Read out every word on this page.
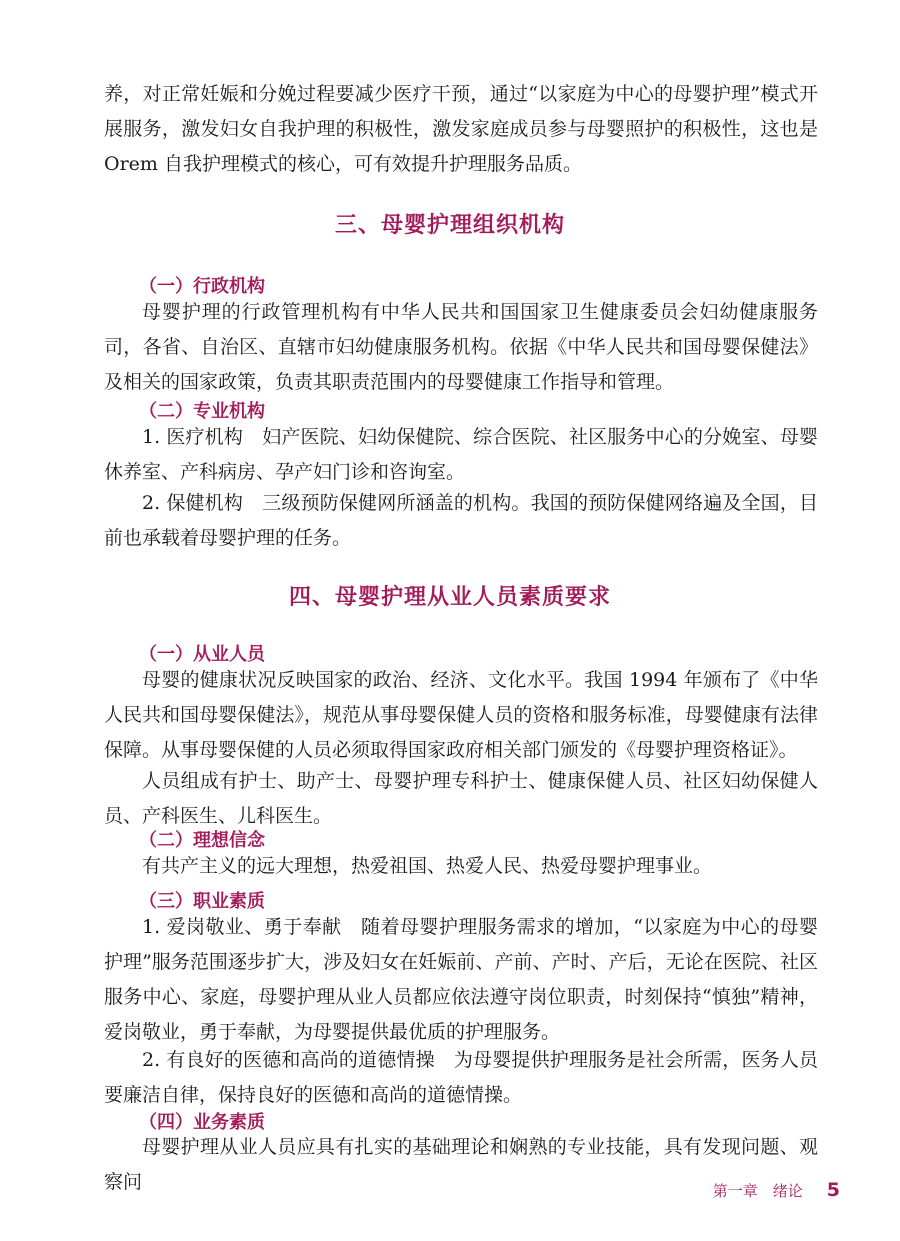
养，对正常妊娠和分娩过程要减少医疗干预，通过“以家庭为中心的母婴护理”模式开展服务，激发妇女自我护理的积极性，激发家庭成员参与母婴照护的积极性，这也是 Orem 自我护理模式的核心，可有效提升护理服务品质。

三、母婴护理组织机构
（一）行政机构

母婴护理的行政管理机构有中华人民共和国国家卫生健康委员会妇幼健康服务司，各省、自治区、直辖市妇幼健康服务机构。依据《中华人民共和国母婴保健法》及相关的国家政策，负责其职责范围内的母婴健康工作指导和管理。

（二）专业机构

1. 医疗机构　妇产医院、妇幼保健院、综合医院、社区服务中心的分娩室、母婴休养室、产科病房、孕产妇门诊和咨询室。

2. 保健机构　三级预防保健网所涵盖的机构。我国的预防保健网络遍及全国，目前也承载着母婴护理的任务。

四、母婴护理从业人员素质要求
（一）从业人员

母婴的健康状况反映国家的政治、经济、文化水平。我国 1994 年颁布了《中华人民共和国母婴保健法》，规范从事母婴保健人员的资格和服务标准，母婴健康有法律保障。从事母婴保健的人员必须取得国家政府相关部门颁发的《母婴护理资格证》。

人员组成有护士、助产士、母婴护理专科护士、健康保健人员、社区妇幼保健人员、产科医生、儿科医生。

（二）理想信念

有共产主义的远大理想，热爱祖国、热爱人民、热爱母婴护理事业。

（三）职业素质

1. 爱岗敬业、勇于奉献　随着母婴护理服务需求的增加，“以家庭为中心的母婴护理”服务范围逐步扩大，涉及妇女在妊娠前、产前、产时、产后，无论在医院、社区服务中心、家庭，母婴护理从业人员都应依法遵守岗位职责，时刻保持“慎独”精神，爱岗敬业，勇于奉献，为母婴提供最优质的护理服务。

2. 有良好的医德和高尚的道德情操　为母婴提供护理服务是社会所需，医务人员要廉洁自律，保持良好的医德和高尚的道德情操。

（四）业务素质

母婴护理从业人员应具有扎实的基础理论和娴熟的专业技能，具有发现问题、观察问	第一章　绪论 5
